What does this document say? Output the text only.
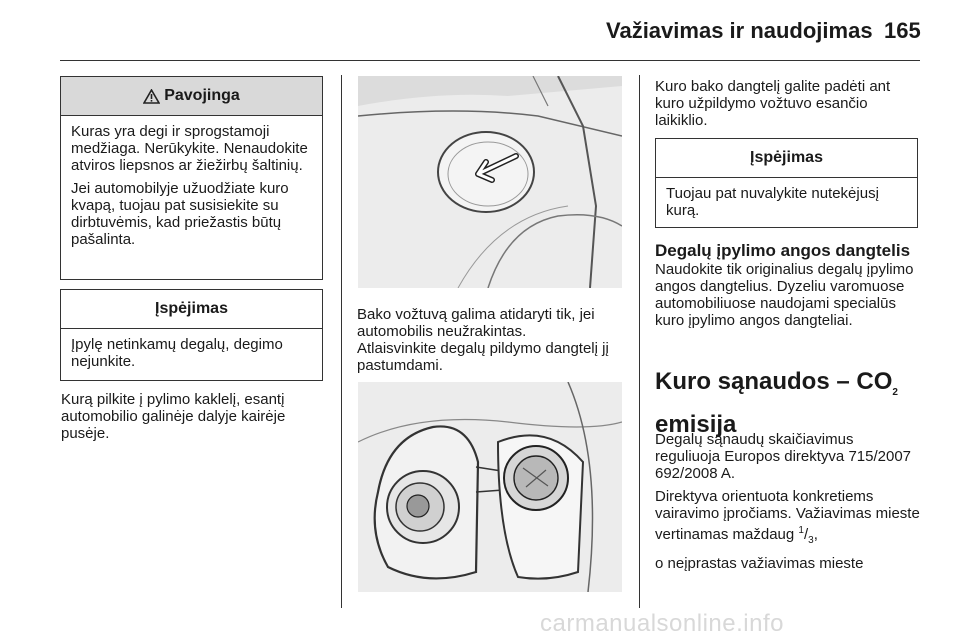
Važiavimas ir naudojimas 165
Pavojinga

Kuras yra degi ir sprogstamoji medžiaga. Nerūkykite. Nenaudokite atviros liepsnos ar žiežirbų šaltinių.

Jei automobilyje užuodžiate kuro kvapą, tuojau pat susisiekite su dirbtuvėmis, kad priežastis būtų pašalinta.

Įspėjimas

Įpylę netinkamų degalų, degimo nejunkite.

Kurą pilkite į pylimo kaklelį, esantį automobilio galinėje dalyje kairėje pusėje.

Bako vožtuvą galima atidaryti tik, jei automobilis neužrakintas.

Atlaisvinkite degalų pildymo dangtelį jį pastumdami.

Kuro bako dangtelį galite padėti ant kuro užpildymo vožtuvo esančio laikiklio.
Įspėjimas

Tuojau pat nuvalykite nutekėjusį kurą.

Degalų įpylimo angos dangtelis
Naudokite tik originalius degalų įpylimo angos dangtelius. Dyzeliu varomuose automobiliuose naudojami specialūs kuro įpylimo angos dangteliai.
Kuro sąnaudos – $CO_2$
emisija

Degalų sąnaudų skaičiavimus reguliuoja Europos direktyva 715/2007 692/2008 A.

Direktyva orientuota konkretiems vairavimo įpročiams. Važiavimas mieste vertinamas maždaug $^1/_3$,

o neįprastas važiavimas mieste

carmanualsonline.info
